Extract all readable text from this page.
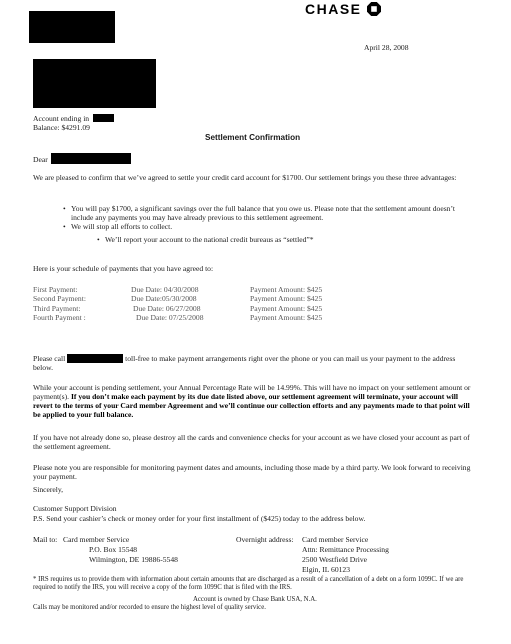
CHASE
April 28, 2008
Account ending in
Balance: $4291.09
Settlement Confirmation
Dear
We are pleased to confirm that we’ve agreed to settle your credit card account for $1700. Our settlement brings you these three advantages:
• You will pay $1700, a significant savings over the full balance that you owe us. Please note that the settlement amount doesn’t include any payments you may have already previous to this settlement agreement.
• We will stop all efforts to collect.
• We’ll report your account to the national credit bureaus as “settled”*
Here is your schedule of payments that you have agreed to:
First Payment:	Due Date: 04/30/2008	Payment Amount: $425
Second Payment:	Due Date:05/30/2008	Payment Amount: $425
Third Payment:	Due Date: 06/27/2008	Payment Amount: $425
Fourth Payment :	Due Date: 07/25/2008	Payment Amount: $425
Please call	toll-free to make payment arrangements right over the phone or you can mail us your payment to the address below.
While your account is pending settlement, your Annual Percentage Rate will be 14.99%. This will have no impact on your settlement amount or payment(s). If you don’t make each payment by its due date listed above, our settlement agreement will terminate, your account will revert to the terms of your Card member Agreement and we’ll continue our collection efforts and any payments made to that point will be applied to your full balance.
If you have not already done so, please destroy all the cards and convenience checks for your account as we have closed your account as part of the settlement agreement.
Please note you are responsible for monitoring payment dates and amounts, including those made by a third party. We look forward to receiving your payment.
Sincerely,
Customer Support Division
P.S. Send your cashier’s check or money order for your first installment of ($425) today to the address below.
Mail to: Card member Service
P.O. Box 15548
Wilmington, DE 19886-5548
Overnight address: Card member Service
Attn: Remittance Processing
2500 Westfield Drive
Elgin, IL 60123
* IRS requires us to provide them with information about certain amounts that are discharged as a result of a cancellation of a debt on a form 1099C. If we are required to notify the IRS, you will receive a copy of the form 1099C that is filed with the IRS.
Account is owned by Chase Bank USA, N.A.
Calls may be monitored and/or recorded to ensure the highest level of quality service.
